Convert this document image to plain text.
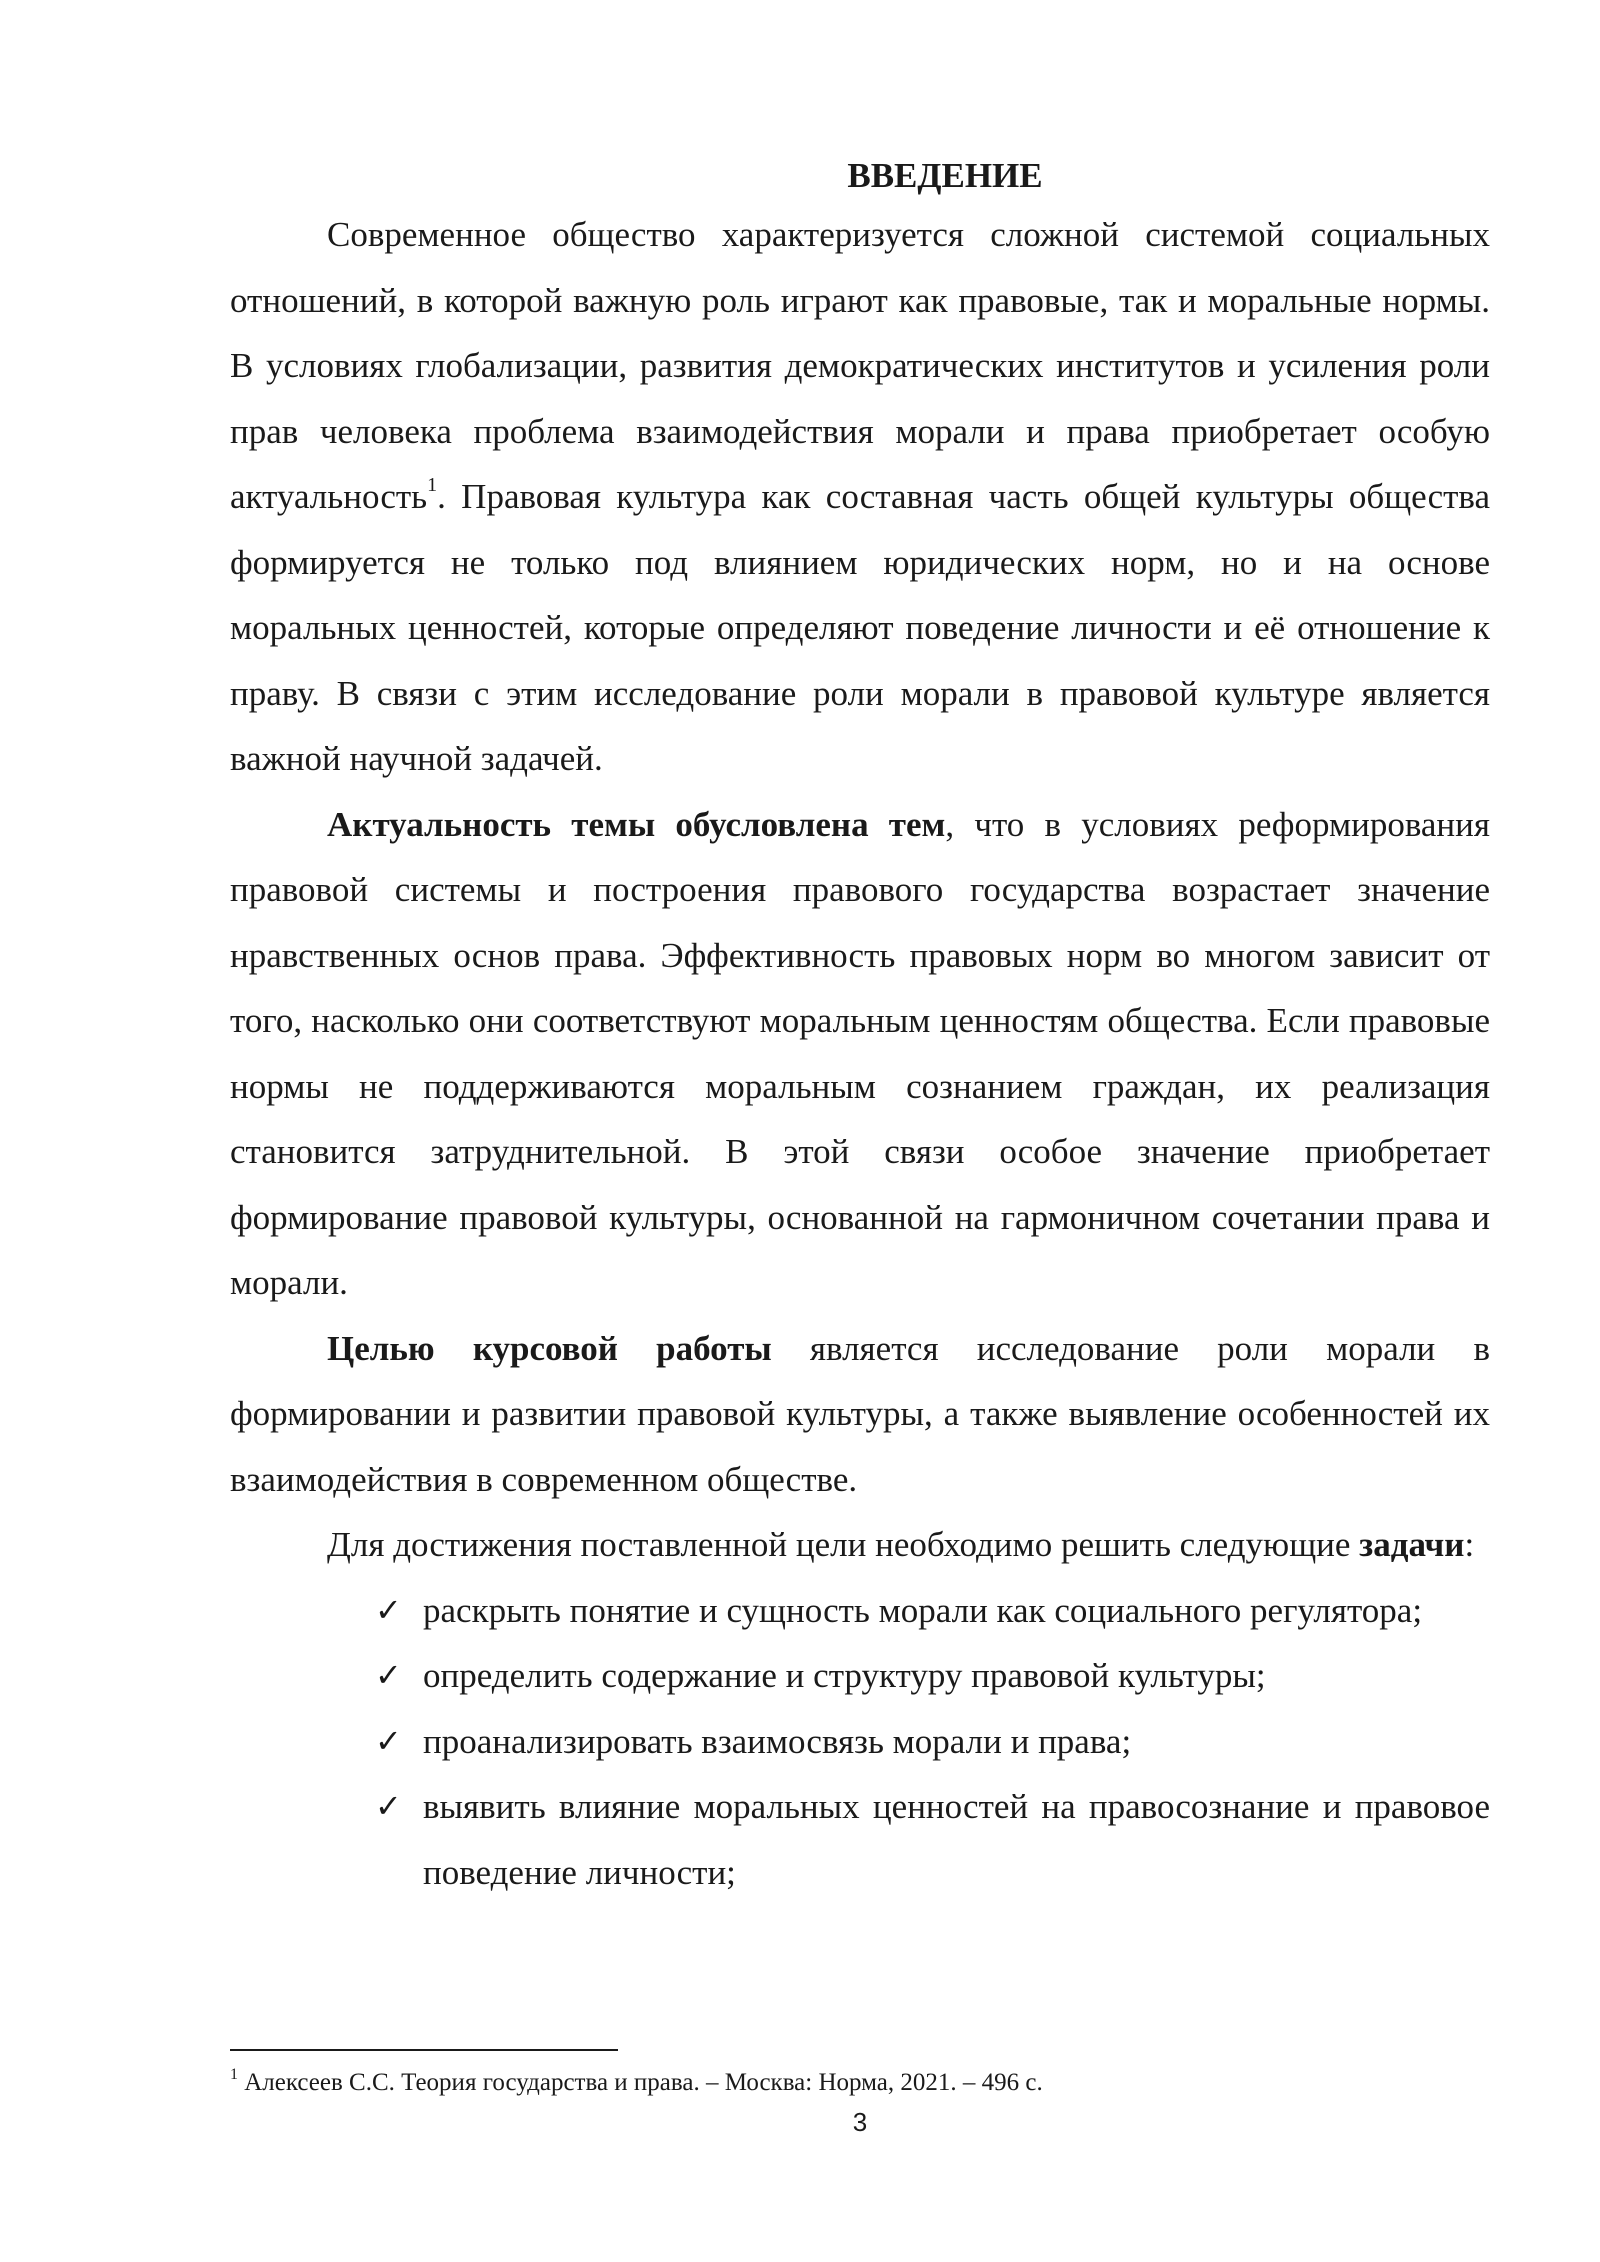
ВВЕДЕНИЕ

Современное общество характеризуется сложной системой социальных отношений, в которой важную роль играют как правовые, так и моральные нормы. В условиях глобализации, развития демократических институтов и усиления роли прав человека проблема взаимодействия морали и права приобретает особую актуальность$^1$. Правовая культура как составная часть общей культуры общества формируется не только под влиянием юридических норм, но и на основе моральных ценностей, которые определяют поведение личности и её отношение к праву. В связи с этим исследование роли морали в правовой культуре является важной научной задачей.

Актуальность темы обусловлена тем, что в условиях реформирования правовой системы и построения правового государства возрастает значение нравственных основ права. Эффективность правовых норм во многом зависит от того, насколько они соответствуют моральным ценностям общества. Если правовые нормы не поддерживаются моральным сознанием граждан, их реализация становится затруднительной. В этой связи особое значение приобретает формирование правовой культуры, основанной на гармоничном сочетании права и морали.

Целью курсовой работы является исследование роли морали в формировании и развитии правовой культуры, а также выявление особенностей их взаимодействия в современном обществе.

Для достижения поставленной цели необходимо решить следующие задачи:

✓ раскрыть понятие и сущность морали как социального регулятора;
✓ определить содержание и структуру правовой культуры;
✓ проанализировать взаимосвязь морали и права;
✓ выявить влияние моральных ценностей на правосознание и правовое поведение личности;
$^1$ Алексеев С.С. Теория государства и права. – Москва: Норма, 2021. – 496 с.
3
